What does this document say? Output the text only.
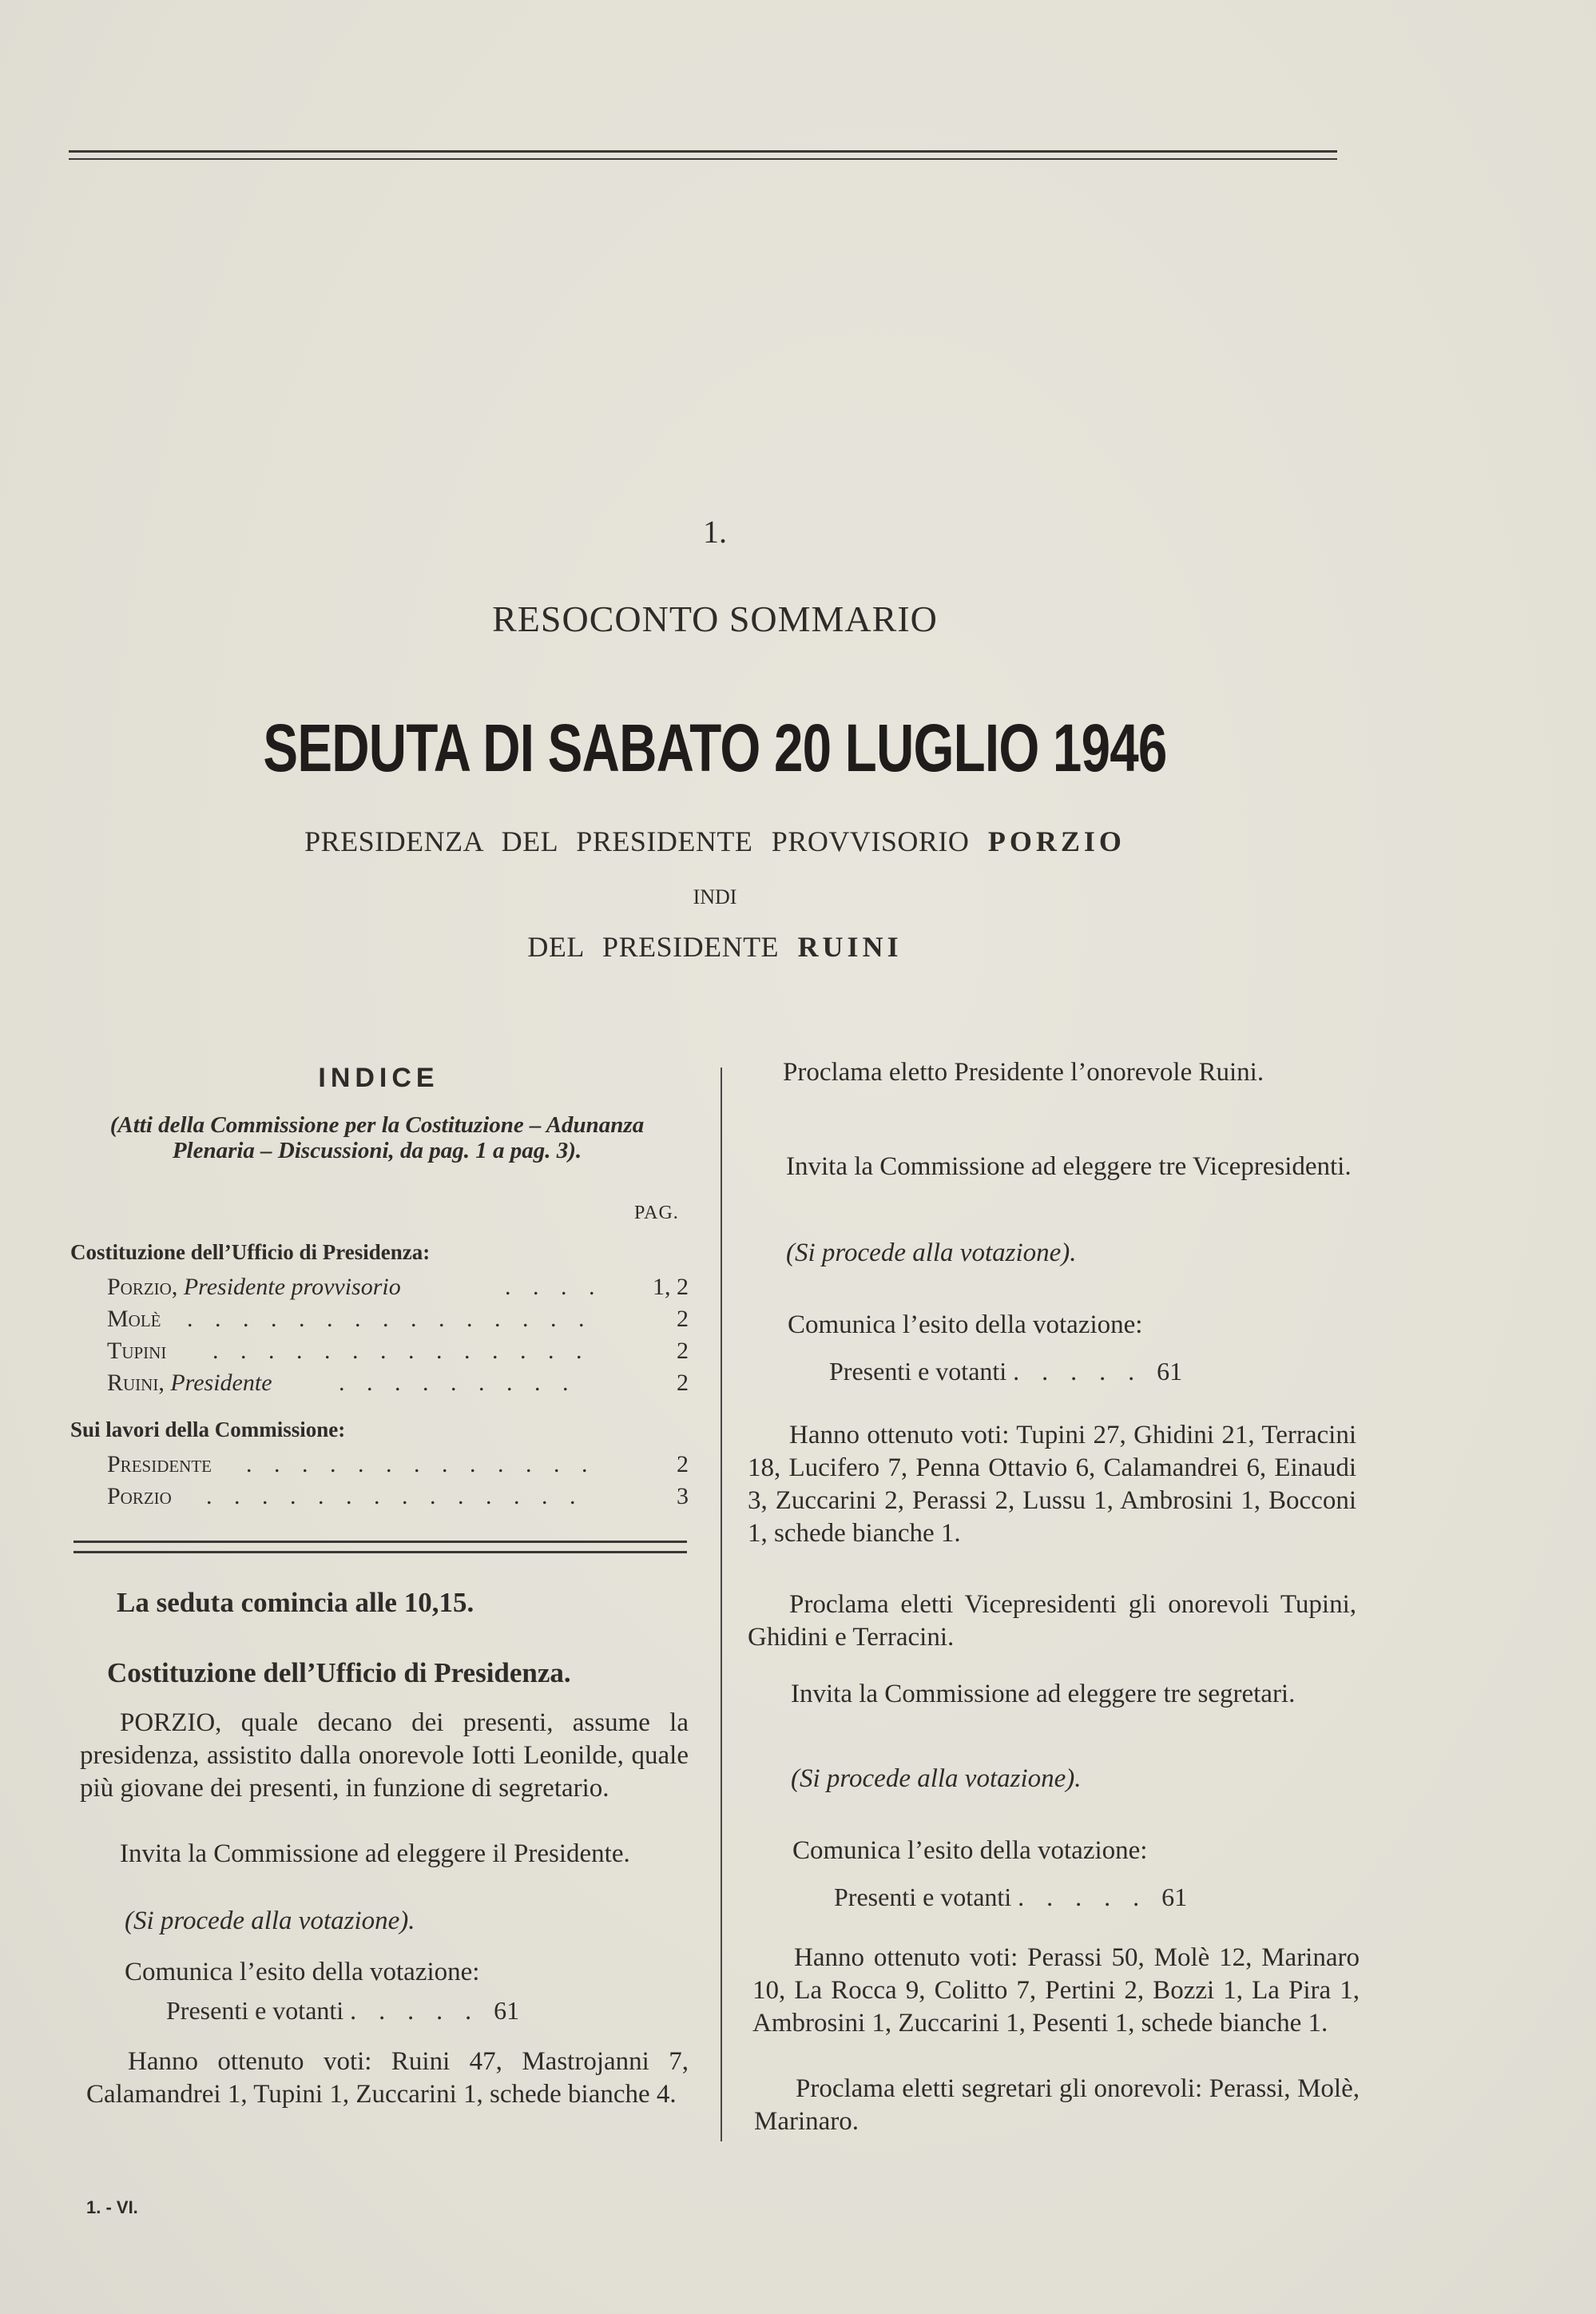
1.
RESOCONTO SOMMARIO
SEDUTA DI SABATO 20 LUGLIO 1946
PRESIDENZA DEL PRESIDENTE PROVVISORIO PORZIO
INDI
DEL PRESIDENTE RUINI
INDICE
(Atti della Commissione per la Costituzione – Adunanza Plenaria – Discussioni, da pag. 1 a pag. 3).
PAG.
Costituzione dell’Ufficio di Presidenza:
Porzio, Presidente provvisorio	. . . . 1, 2
Molè . . . . . . . . . . . . . . .	2
Tupini . . . . . . . . . . . . . .	2
Ruini, Presidente	. . . . . . . . .	2
Sui lavori della Commissione:
Presidente . . . . . . . . . . . . .	2
Porzio . . . . . . . . . . . . . .	3
La seduta comincia alle 10,15.
Costituzione dell’Ufficio di Presidenza.
PORZIO, quale decano dei presenti, assume la presidenza, assistito dalla onorevole Iotti Leonilde, quale più giovane dei presenti, in funzione di segretario.
Invita la Commissione ad eleggere il Presidente.
(Si procede alla votazione).
Comunica l’esito della votazione:
Presenti e votanti . . . . . 61
Hanno ottenuto voti: Ruini 47, Mastrojanni 7, Calamandrei 1, Tupini 1, Zuccarini 1, schede bianche 4.
Proclama eletto Presidente l’onorevole Ruini.
Invita la Commissione ad eleggere tre Vicepresidenti.
(Si procede alla votazione).
Comunica l’esito della votazione:
Presenti e votanti . . . . . 61
Hanno ottenuto voti: Tupini 27, Ghidini 21, Terracini 18, Lucifero 7, Penna Ottavio 6, Calamandrei 6, Einaudi 3, Zuccarini 2, Perassi 2, Lussu 1, Ambrosini 1, Bocconi 1, schede bianche 1.
Proclama eletti Vicepresidenti gli onorevoli Tupini, Ghidini e Terracini.
Invita la Commissione ad eleggere tre segretari.
(Si procede alla votazione).
Comunica l’esito della votazione:
Presenti e votanti . . . . . 61
Hanno ottenuto voti: Perassi 50, Molè 12, Marinaro 10, La Rocca 9, Colitto 7, Pertini 2, Bozzi 1, La Pira 1, Ambrosini 1, Zuccarini 1, Pesenti 1, schede bianche 1.
Proclama eletti segretari gli onorevoli: Perassi, Molè, Marinaro.
1. - VI.
